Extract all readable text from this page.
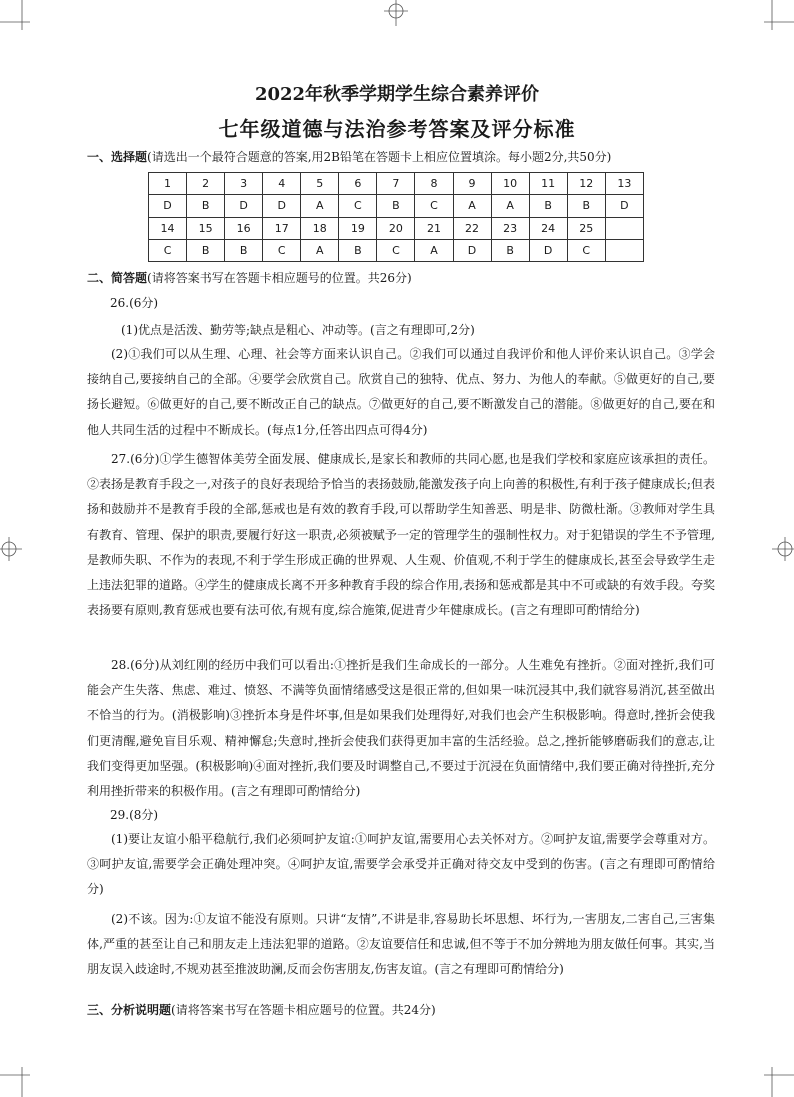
2022年秋季学期学生综合素养评价
七年级道德与法治参考答案及评分标准
一、选择题(请选出一个最符合题意的答案,用2B铅笔在答题卡上相应位置填涂。每小题2分,共50分)
1	2	3	4	5	6	7	8	9	10	11	12	13
D	B	D	D	A	C	B	C	A	A	B	B	D
14	15	16	17	18	19	20	21	22	23	24	25	
C	B	B	C	A	B	C	A	D	B	D	C	
二、简答题(请将答案书写在答题卡相应题号的位置。共26分)
26.(6分)
(1)优点是活泼、勤劳等;缺点是粗心、冲动等。(言之有理即可,2分)

(2)①我们可以从生理、心理、社会等方面来认识自己。②我们可以通过自我评价和他人评价来认识自己。③学会接纳自己,要接纳自己的全部。④要学会欣赏自己。欣赏自己的独特、优点、努力、为他人的奉献。⑤做更好的自己,要扬长避短。⑥做更好的自己,要不断改正自己的缺点。⑦做更好的自己,要不断激发自己的潜能。⑧做更好的自己,要在和他人共同生活的过程中不断成长。(每点1分,任答出四点可得4分)

27.(6分)①学生德智体美劳全面发展、健康成长,是家长和教师的共同心愿,也是我们学校和家庭应该承担的责任。②表扬是教育手段之一,对孩子的良好表现给予恰当的表扬鼓励,能激发孩子向上向善的积极性,有利于孩子健康成长;但表扬和鼓励并不是教育手段的全部,惩戒也是有效的教育手段,可以帮助学生知善恶、明是非、防微杜渐。③教师对学生具有教育、管理、保护的职责,要履行好这一职责,必须被赋予一定的管理学生的强制性权力。对于犯错误的学生不予管理,是教师失职、不作为的表现,不利于学生形成正确的世界观、人生观、价值观,不利于学生的健康成长,甚至会导致学生走上违法犯罪的道路。④学生的健康成长离不开多种教育手段的综合作用,表扬和惩戒都是其中不可或缺的有效手段。夸奖表扬要有原则,教育惩戒也要有法可依,有规有度,综合施策,促进青少年健康成长。(言之有理即可酌情给分)

28.(6分)从刘红刚的经历中我们可以看出:①挫折是我们生命成长的一部分。人生难免有挫折。②面对挫折,我们可能会产生失落、焦虑、难过、愤怒、不满等负面情绪感受这是很正常的,但如果一味沉浸其中,我们就容易消沉,甚至做出不恰当的行为。(消极影响)③挫折本身是件坏事,但是如果我们处理得好,对我们也会产生积极影响。得意时,挫折会使我们更清醒,避免盲目乐观、精神懈怠;失意时,挫折会使我们获得更加丰富的生活经验。总之,挫折能够磨砺我们的意志,让我们变得更加坚强。(积极影响)④面对挫折,我们要及时调整自己,不要过于沉浸在负面情绪中,我们要正确对待挫折,充分利用挫折带来的积极作用。(言之有理即可酌情给分)

29.(8分)

(1)要让友谊小船平稳航行,我们必须呵护友谊:①呵护友谊,需要用心去关怀对方。②呵护友谊,需要学会尊重对方。③呵护友谊,需要学会正确处理冲突。④呵护友谊,需要学会承受并正确对待交友中受到的伤害。(言之有理即可酌情给分)

(2)不该。因为:①友谊不能没有原则。只讲“友情”,不讲是非,容易助长坏思想、坏行为,一害朋友,二害自己,三害集体,严重的甚至让自己和朋友走上违法犯罪的道路。②友谊要信任和忠诚,但不等于不加分辨地为朋友做任何事。其实,当朋友误入歧途时,不规劝甚至推波助澜,反而会伤害朋友,伤害友谊。(言之有理即可酌情给分)

三、分析说明题(请将答案书写在答题卡相应题号的位置。共24分)
